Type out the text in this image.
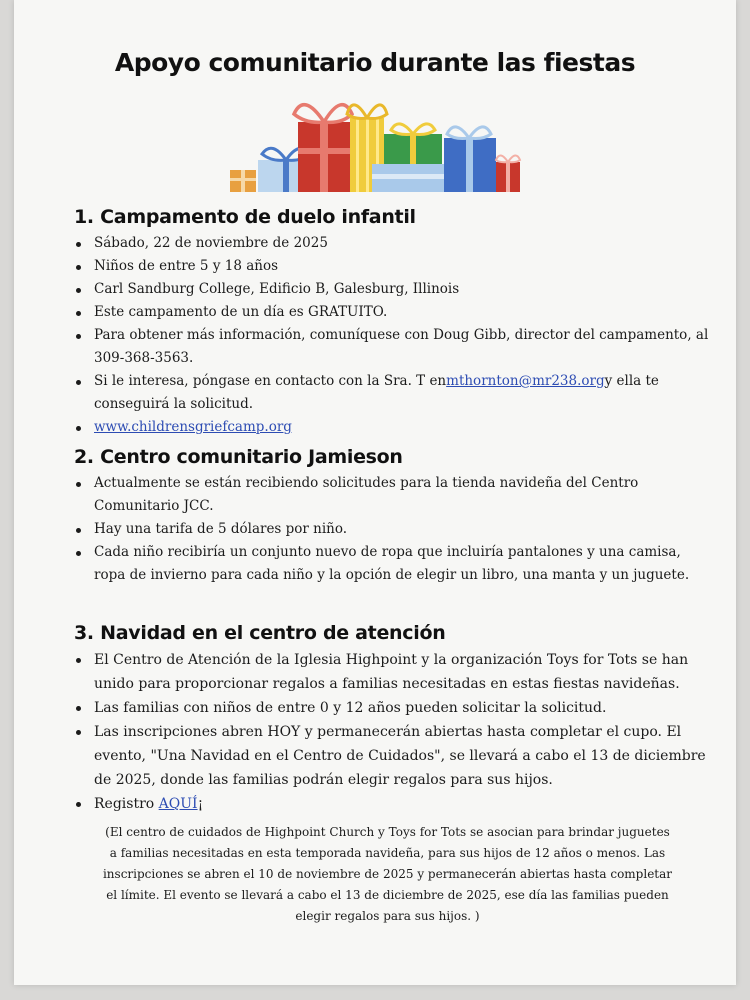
Apoyo comunitario durante las fiestas
1. Campamento de duelo infantil
Sábado, 22 de noviembre de 2025
Niños de entre 5 y 18 años
Carl Sandburg College, Edificio B, Galesburg, Illinois
Este campamento de un día es GRATUITO.
Para obtener más información, comuníquese con Doug Gibb, director del campamento, al 309-368-3563.
Si le interesa, póngase en contacto con la Sra. T enmthornton@mr238.orgy ella te conseguirá la solicitud.
www.childrensgriefcamp.org
2. Centro comunitario Jamieson
Actualmente se están recibiendo solicitudes para la tienda navideña del Centro Comunitario JCC.
Hay una tarifa de 5 dólares por niño.
Cada niño recibiría un conjunto nuevo de ropa que incluiría pantalones y una camisa, ropa de invierno para cada niño y la opción de elegir un libro, una manta y un juguete.
3. Navidad en el centro de atención
El Centro de Atención de la Iglesia Highpoint y la organización Toys for Tots se han unido para proporcionar regalos a familias necesitadas en estas fiestas navideñas.
Las familias con niños de entre 0 y 12 años pueden solicitar la solicitud.
Las inscripciones abren HOY y permanecerán abiertas hasta completar el cupo. El evento, "Una Navidad en el Centro de Cuidados", se llevará a cabo el 13 de diciembre de 2025, donde las familias podrán elegir regalos para sus hijos.
Registro AQUÍ¡
(El centro de cuidados de Highpoint Church y Toys for Tots se asocian para brindar juguetes a familias necesitadas en esta temporada navideña, para sus hijos de 12 años o menos. Las inscripciones se abren el 10 de noviembre de 2025 y permanecerán abiertas hasta completar el límite. El evento se llevará a cabo el 13 de diciembre de 2025, ese día las familias pueden elegir regalos para sus hijos. )
